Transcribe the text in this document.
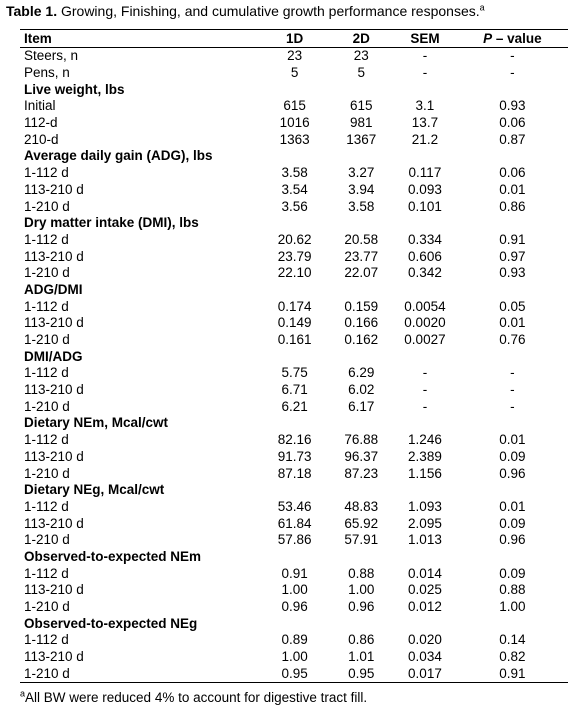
Table 1. Growing, Finishing, and cumulative growth performance responses.$^a$
Item	1D	2D	SEM	P – value
Steers, n	23	23	-	-
Pens, n	5	5	-	-
Live weight, lbs				
Initial	615	615	3.1	0.93
112-d	1016	981	13.7	0.06
210-d	1363	1367	21.2	0.87
Average daily gain (ADG), lbs				
1-112 d	3.58	3.27	0.117	0.06
113-210 d	3.54	3.94	0.093	0.01
1-210 d	3.56	3.58	0.101	0.86
Dry matter intake (DMI), lbs				
1-112 d	20.62	20.58	0.334	0.91
113-210 d	23.79	23.77	0.606	0.97
1-210 d	22.10	22.07	0.342	0.93
ADG/DMI				
1-112 d	0.174	0.159	0.0054	0.05
113-210 d	0.149	0.166	0.0020	0.01
1-210 d	0.161	0.162	0.0027	0.76
DMI/ADG				
1-112 d	5.75	6.29	-	-
113-210 d	6.71	6.02	-	-
1-210 d	6.21	6.17	-	-
Dietary NEm, Mcal/cwt				
1-112 d	82.16	76.88	1.246	0.01
113-210 d	91.73	96.37	2.389	0.09
1-210 d	87.18	87.23	1.156	0.96
Dietary NEg, Mcal/cwt				
1-112 d	53.46	48.83	1.093	0.01
113-210 d	61.84	65.92	2.095	0.09
1-210 d	57.86	57.91	1.013	0.96
Observed-to-expected NEm				
1-112 d	0.91	0.88	0.014	0.09
113-210 d	1.00	1.00	0.025	0.88
1-210 d	0.96	0.96	0.012	1.00
Observed-to-expected NEg				
1-112 d	0.89	0.86	0.020	0.14
113-210 d	1.00	1.01	0.034	0.82
1-210 d	0.95	0.95	0.017	0.91
$^a$All BW were reduced 4% to account for digestive tract fill.
